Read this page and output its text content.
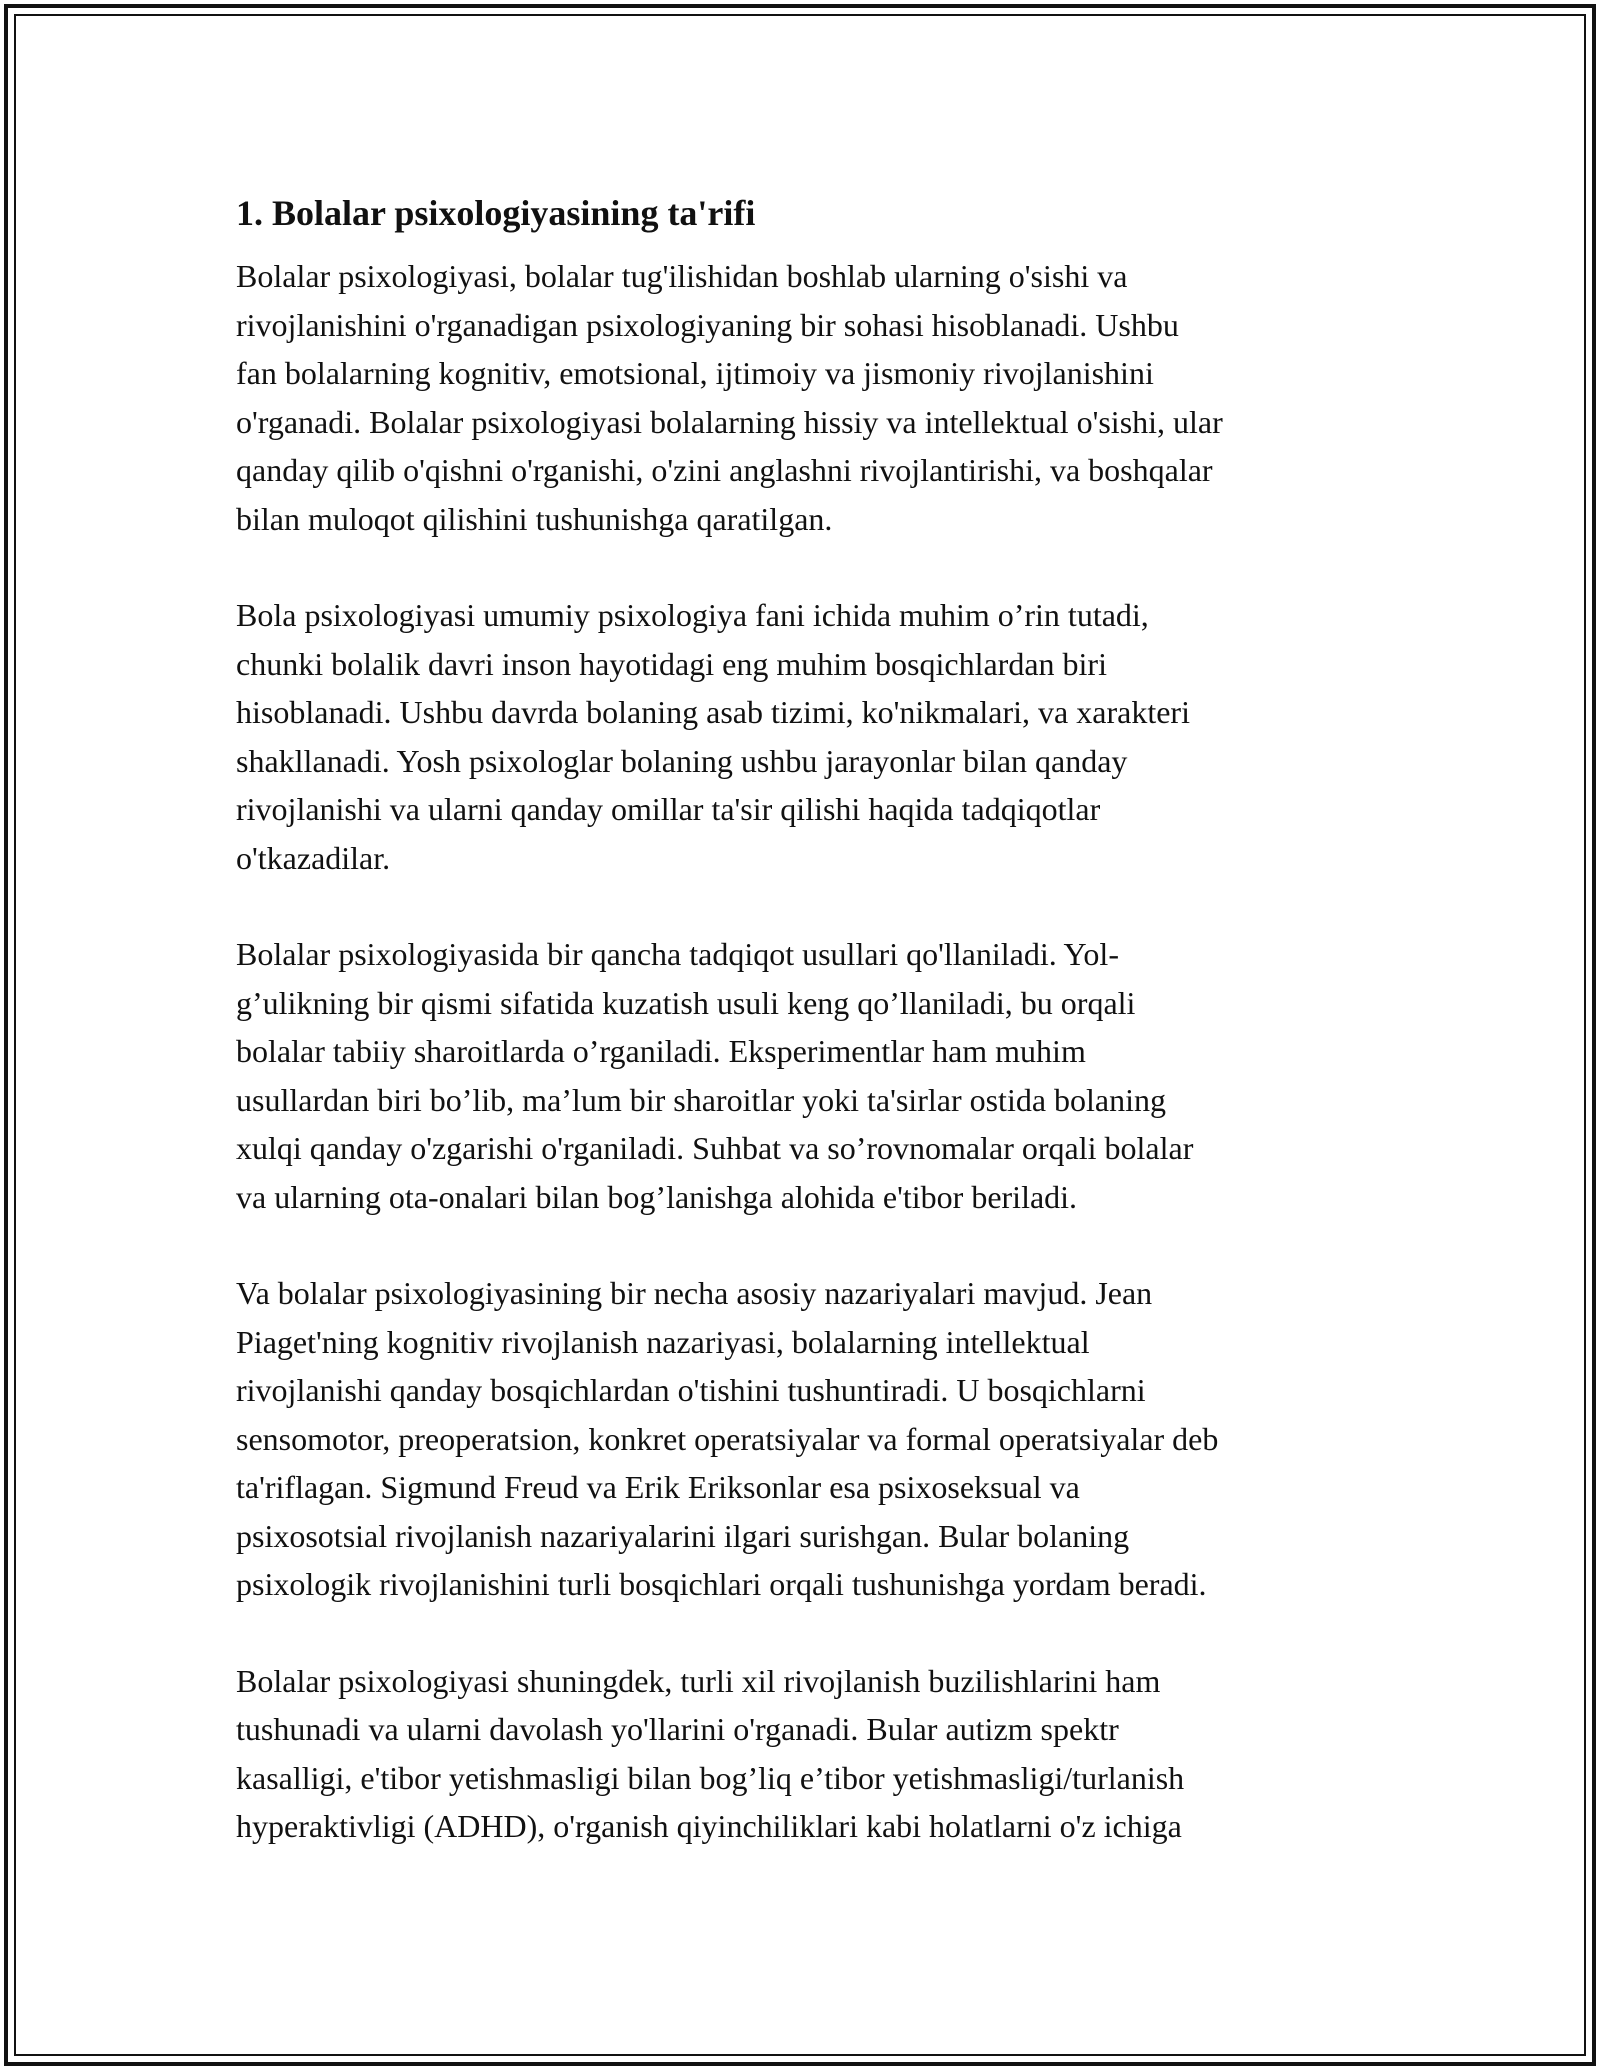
1. Bolalar psixologiyasining ta'rifi

Bolalar psixologiyasi, bolalar tug'ilishidan boshlab ularning o'sishi va
rivojlanishini o'rganadigan psixologiyaning bir sohasi hisoblanadi. Ushbu
fan bolalarning kognitiv, emotsional, ijtimoiy va jismoniy rivojlanishini
o'rganadi. Bolalar psixologiyasi bolalarning hissiy va intellektual o'sishi, ular
qanday qilib o'qishni o'rganishi, o'zini anglashni rivojlantirishi, va boshqalar
bilan muloqot qilishini tushunishga qaratilgan.

Bola psixologiyasi umumiy psixologiya fani ichida muhim o’rin tutadi,
chunki bolalik davri inson hayotidagi eng muhim bosqichlardan biri
hisoblanadi. Ushbu davrda bolaning asab tizimi, ko'nikmalari, va xarakteri
shakllanadi. Yosh psixologlar bolaning ushbu jarayonlar bilan qanday
rivojlanishi va ularni qanday omillar ta'sir qilishi haqida tadqiqotlar
o'tkazadilar.

Bolalar psixologiyasida bir qancha tadqiqot usullari qo'llaniladi. Yol-
g’ulikning bir qismi sifatida kuzatish usuli keng qo’llaniladi, bu orqali
bolalar tabiiy sharoitlarda o’rganiladi. Eksperimentlar ham muhim
usullardan biri bo’lib, ma’lum bir sharoitlar yoki ta'sirlar ostida bolaning
xulqi qanday o'zgarishi o'rganiladi. Suhbat va so’rovnomalar orqali bolalar
va ularning ota-onalari bilan bog’lanishga alohida e'tibor beriladi.

Va bolalar psixologiyasining bir necha asosiy nazariyalari mavjud. Jean
Piaget'ning kognitiv rivojlanish nazariyasi, bolalarning intellektual
rivojlanishi qanday bosqichlardan o'tishini tushuntiradi. U bosqichlarni
sensomotor, preoperatsion, konkret operatsiyalar va formal operatsiyalar deb
ta'riflagan. Sigmund Freud va Erik Eriksonlar esa psixoseksual va
psixosotsial rivojlanish nazariyalarini ilgari surishgan. Bular bolaning
psixologik rivojlanishini turli bosqichlari orqali tushunishga yordam beradi.

Bolalar psixologiyasi shuningdek, turli xil rivojlanish buzilishlarini ham
tushunadi va ularni davolash yo'llarini o'rganadi. Bular autizm spektr
kasalligi, e'tibor yetishmasligi bilan bog’liq e’tibor yetishmasligi/turlanish
hyperaktivligi (ADHD), o'rganish qiyinchiliklari kabi holatlarni o'z ichiga
